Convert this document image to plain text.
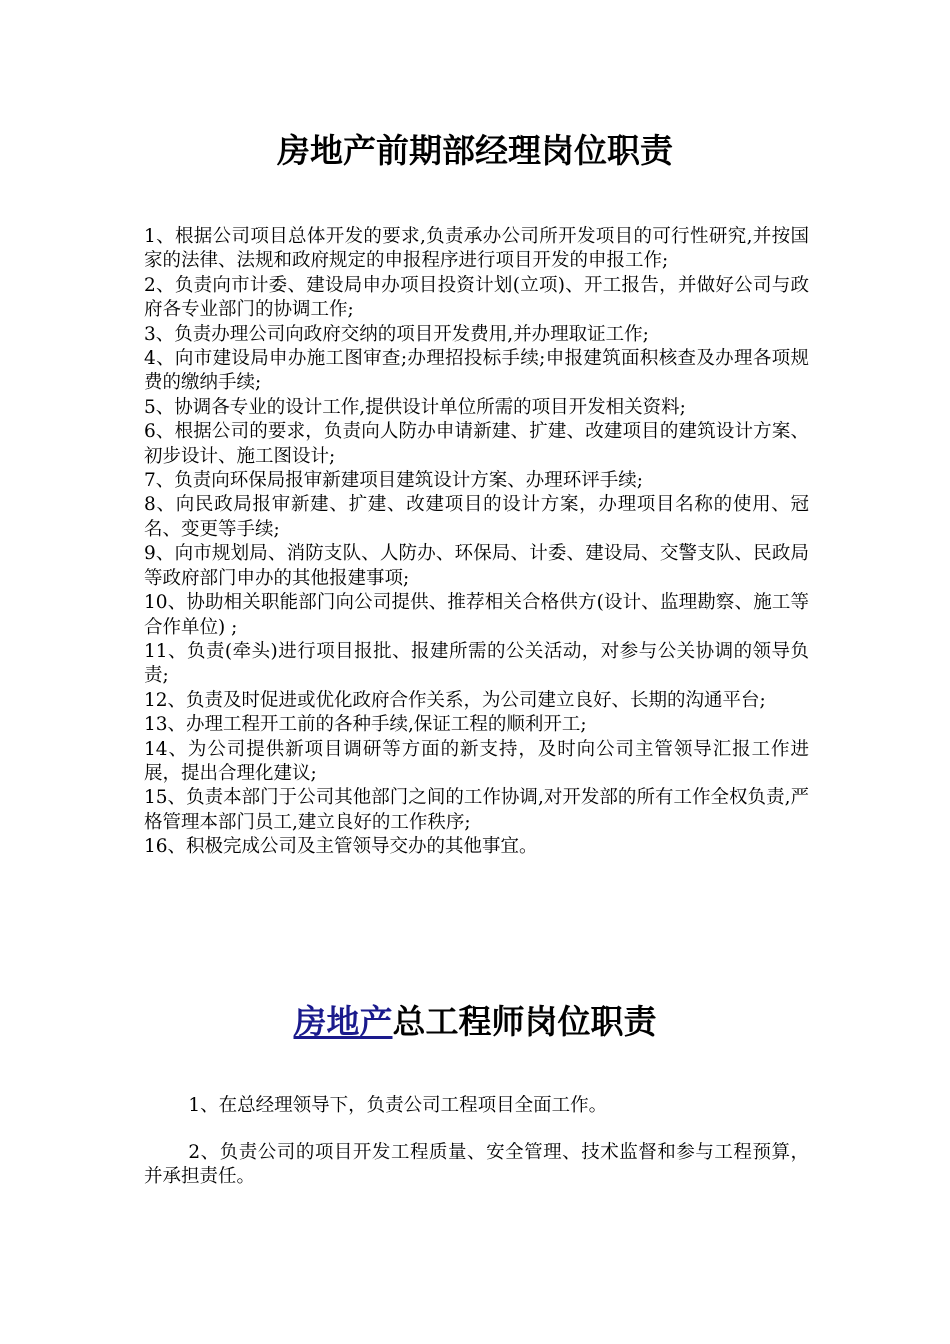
房地产前期部经理岗位职责
1、根据公司项目总体开发的要求,负责承办公司所开发项目的可行性研究,并按国家的法律、法规和政府规定的申报程序进行项目开发的申报工作;
2、负责向市计委、建设局申办项目投资计划(立项)、开工报告，并做好公司与政府各专业部门的协调工作;
3、负责办理公司向政府交纳的项目开发费用,并办理取证工作;
4、向市建设局申办施工图审查;办理招投标手续;申报建筑面积核查及办理各项规费的缴纳手续;
5、协调各专业的设计工作,提供设计单位所需的项目开发相关资料;
6、根据公司的要求，负责向人防办申请新建、扩建、改建项目的建筑设计方案、初步设计、施工图设计;
7、负责向环保局报审新建项目建筑设计方案、办理环评手续;
8、向民政局报审新建、扩建、改建项目的设计方案，办理项目名称的使用、冠名、变更等手续;
9、向市规划局、消防支队、人防办、环保局、计委、建设局、交警支队、民政局等政府部门申办的其他报建事项;
10、协助相关职能部门向公司提供、推荐相关合格供方(设计、监理勘察、施工等合作单位) ;
11、负责(牵头)进行项目报批、报建所需的公关活动，对参与公关协调的领导负责;
12、负责及时促进或优化政府合作关系，为公司建立良好、长期的沟通平台;
13、办理工程开工前的各种手续,保证工程的顺利开工;
14、为公司提供新项目调研等方面的新支持，及时向公司主管领导汇报工作进展，提出合理化建议;
15、负责本部门于公司其他部门之间的工作协调,对开发部的所有工作全权负责,严格管理本部门员工,建立良好的工作秩序;
16、积极完成公司及主管领导交办的其他事宜。
房地产总工程师岗位职责

1、在总经理领导下，负责公司工程项目全面工作。

2、负责公司的项目开发工程质量、安全管理、技术监督和参与工程预算，并承担责任。
